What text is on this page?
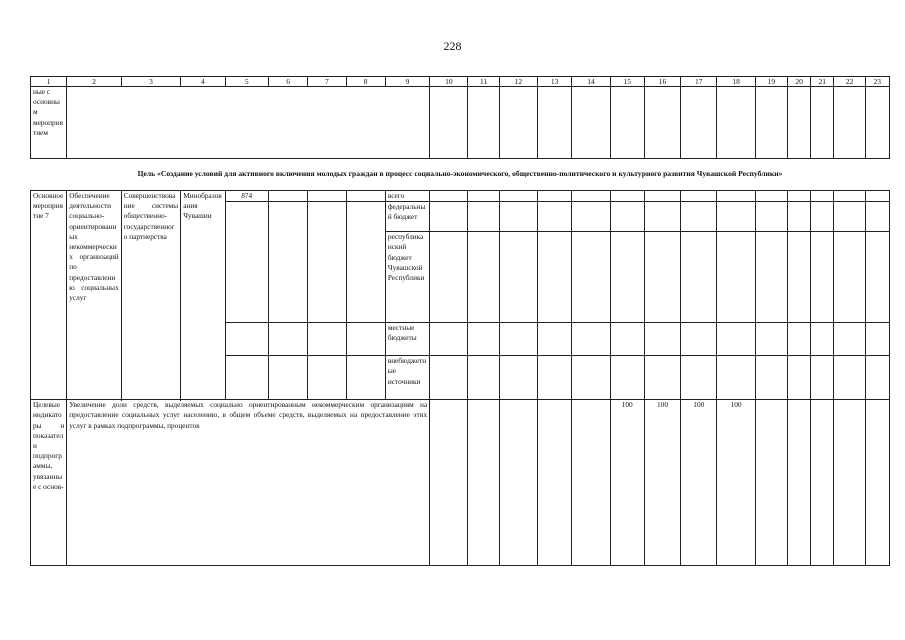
228
1	2	3	4	5	6	7	8	9	10	11	12	13	14	15	16	17	18	19	20	21	22	23
ные с основным мероприятием																						
Цель «Создание условий для активного включения молодых граждан в процесс социально-экономического, общественно-политического и культурного развития Чувашской Республики»																						
Основное мероприятие 7	Обеспечение деятельности социально-ориентированных некоммерческих организаций по предоставлению социальных услуг	Совершенствование системы общественно-государственного партнерства	Минобразования Чувашии	874				всего														
								федеральный бюджет														
								республиканский бюджет Чувашской Республики														
								местные бюджеты														
								внебюджетные источники														

Целевые индикаторы и показатели подпрограммы, увязанные с основ-	Увеличение доли средств, выделяемых социально ориентированным некоммерческим организациям на предоставление социальных услуг населению, в общем объеме средств, выделяемых на предоставление этих услуг в рамках подпрограммы, процентов													100	100	100	100					
